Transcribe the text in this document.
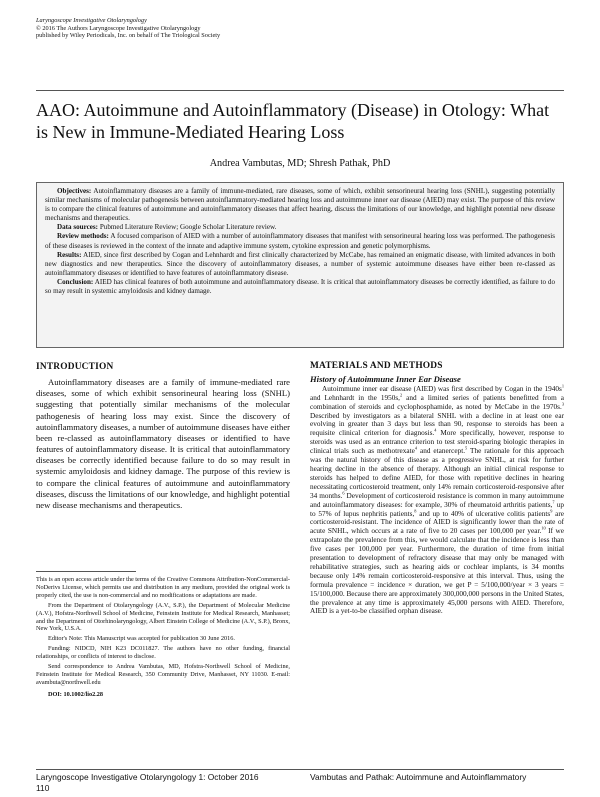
Laryngoscope Investigative Otolaryngology
© 2016 The Authors Laryngoscope Investigative Otolaryngology
published by Wiley Periodicals, Inc. on behalf of The Triological Society
AAO: Autoimmune and Autoinflammatory (Disease) in Otology: What is New in Immune-Mediated Hearing Loss
Andrea Vambutas, MD; Shresh Pathak, PhD

Objectives: Autoinflammatory diseases are a family of immune-mediated, rare diseases, some of which, exhibit sensorineural hearing loss (SNHL), suggesting potentially similar mechanisms of molecular pathogenesis between autoinflammatory-mediated hearing loss and autoimmune inner ear disease (AIED) may exist. The purpose of this review is to compare the clinical features of autoimmune and autoinflammatory diseases that affect hearing, discuss the limitations of our knowledge, and highlight potential new disease mechanisms and therapeutics.

Data sources: Pubmed Literature Review; Google Scholar Literature review.

Review methods: A focused comparison of AIED with a number of autoinflammatory diseases that manifest with sensorineural hearing loss was performed. The pathogenesis of these diseases is reviewed in the context of the innate and adaptive immune system, cytokine expression and genetic polymorphisms.

Results: AIED, since first described by Cogan and Lehnhardt and first clinically characterized by McCabe, has remained an enigmatic disease, with limited advances in both new diagnostics and new therapeutics. Since the discovery of autoinflammatory diseases, a number of systemic autoimmune diseases have either been re-classed as autoinflammatory diseases or identified to have features of autoinflammatory disease.

Conclusion: AIED has clinical features of both autoimmune and autoinflammatory disease. It is critical that autoinflammatory diseases be correctly identified, as failure to do so may result in systemic amyloidosis and kidney damage.

INTRODUCTION

Autoinflammatory diseases are a family of immune-mediated rare diseases, some of which exhibit sensorineural hearing loss (SNHL) suggesting that potentially similar mechanisms of the molecular pathogenesis of hearing loss may exist. Since the discovery of autoinflammatory diseases, a number of autoimmune diseases have either been re-classed as autoinflammatory diseases or identified to have features of autoinflammatory disease. It is critical that autoinflammatory diseases be correctly identified because failure to do so may result in systemic amyloidosis and kidney damage. The purpose of this review is to compare the clinical features of autoimmune and autoinflammatory diseases, discuss the limitations of our knowledge, and highlight potential new disease mechanisms and therapeutics.

This is an open access article under the terms of the Creative Commons Attribution-NonCommercial-NoDerivs License, which permits use and distribution in any medium, provided the original work is properly cited, the use is non-commercial and no modifications or adaptations are made.

From the Department of Otolaryngology (A.V., S.P.), the Department of Molecular Medicine (A.V.), Hofstra-Northwell School of Medicine, Feinstein Institute for Medical Research, Manhasset; and the Department of Otorhinolaryngology, Albert Einstein College of Medicine (A.V., S.P.), Bronx, New York, U.S.A.

Editor's Note: This Manuscript was accepted for publication 30 June 2016.

Funding: NIDCD, NIH K23 DC011827. The authors have no other funding, financial relationships, or conflicts of interest to disclose.

Send correspondence to Andrea Vambutas, MD, Hofstra-Northwell School of Medicine, Feinstein Institute for Medical Research, 350 Community Drive, Manhasset, NY 11030. E-mail: avambuta@northwell.edu

DOI: 10.1002/lio2.28

MATERIALS AND METHODS
History of Autoimmune Inner Ear Disease

Autoimmune inner ear disease (AIED) was first described by Cogan in the $1940s^1$ and Lehnhardt in the 1950s,$^2$ and a limited series of patients benefitted from a combination of steroids and cyclophosphamide, as noted by McCabe in the 1970s.$^3$ Described by investigators as a bilateral SNHL with a decline in at least one ear evolving in greater than 3 days but less than 90, response to steroids has been a requisite clinical criterion for diagnosis.$^4$ More specifically, however, response to steroids was used as an entrance criterion to test steroid-sparing biologic therapies in clinical trials such as methotrexate$^4$ and etanercept.$^5$ The rationale for this approach was the natural history of this disease as a progressive SNHL, at risk for further hearing decline in the absence of therapy. Although an initial clinical response to steroids has helped to define AIED, for those with repetitive declines in hearing necessitating corticosteroid treatment, only 14% remain corticosteroid-responsive after 34 months.$^6$ Development of corticosteroid resistance is common in many autoimmune and autoinflammatory diseases: for example, 30% of rheumatoid arthritis patients,$^7$ up to 57% of lupus nephritis patients,$^8$ and up to 40% of ulcerative colitis patients$^9$ are corticosteroid-resistant. The incidence of AIED is significantly lower than the rate of acute SNHL, which occurs at a rate of five to 20 cases per 100,000 per year.$^{10}$ If we extrapolate the prevalence from this, we would calculate that the incidence is less than five cases per 100,000 per year. Furthermore, the duration of time from initial presentation to development of refractory disease that may only be managed with rehabilitative strategies, such as hearing aids or cochlear implants, is 34 months because only 14% remain corticosteroid-responsive at this interval. Thus, using the formula prevalence = incidence × duration, we get P = 5/100,000/year × 3 years = 15/100,000. Because there are approximately 300,000,000 persons in the United States, the prevalence at any time is approximately 45,000 persons with AIED. Therefore, AIED is a yet-to-be classified orphan disease.

Laryngoscope Investigative Otolaryngology 1: October 2016
110
Vambutas and Pathak: Autoimmune and Autoinflammatory
